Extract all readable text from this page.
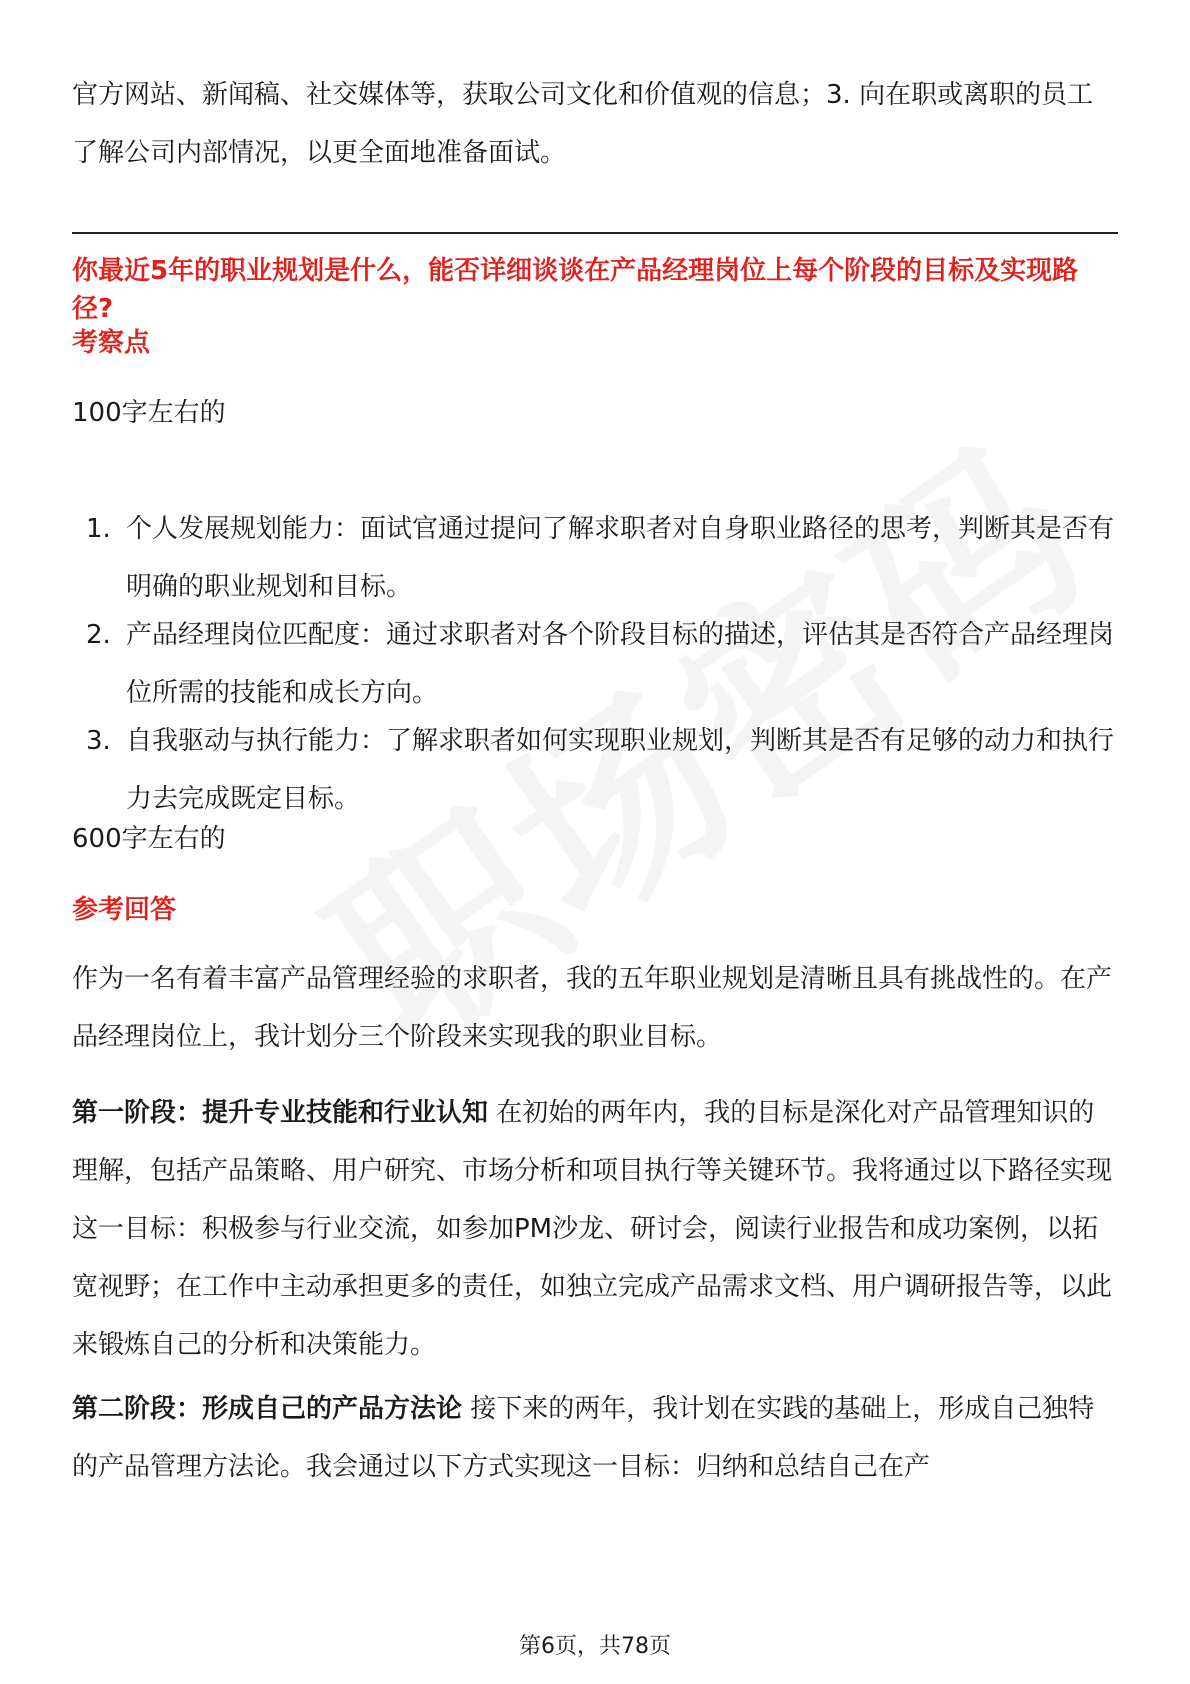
官方网站、新闻稿、社交媒体等，获取公司文化和价值观的信息；3. 向在职或离职的员工了解公司内部情况，以更全面地准备面试。

你最近5年的职业规划是什么，能否详细谈谈在产品经理岗位上每个阶段的目标及实现路径?

考察点

100字左右的

1. 个人发展规划能力：面试官通过提问了解求职者对自身职业路径的思考，判断其是否有明确的职业规划和目标。
2. 产品经理岗位匹配度：通过求职者对各个阶段目标的描述，评估其是否符合产品经理岗位所需的技能和成长方向。
3. 自我驱动与执行能力：了解求职者如何实现职业规划，判断其是否有足够的动力和执行力去完成既定目标。

600字左右的

参考回答

作为一名有着丰富产品管理经验的求职者，我的五年职业规划是清晰且具有挑战性的。在产品经理岗位上，我计划分三个阶段来实现我的职业目标。

第一阶段：提升专业技能和行业认知 在初始的两年内，我的目标是深化对产品管理知识的理解，包括产品策略、用户研究、市场分析和项目执行等关键环节。我将通过以下路径实现这一目标：积极参与行业交流，如参加PM沙龙、研讨会，阅读行业报告和成功案例，以拓宽视野；在工作中主动承担更多的责任，如独立完成产品需求文档、用户调研报告等，以此来锻炼自己的分析和决策能力。

第二阶段：形成自己的产品方法论 接下来的两年，我计划在实践的基础上，形成自己独特的产品管理方法论。我会通过以下方式实现这一目标：归纳和总结自己在产

第6页，共78页
